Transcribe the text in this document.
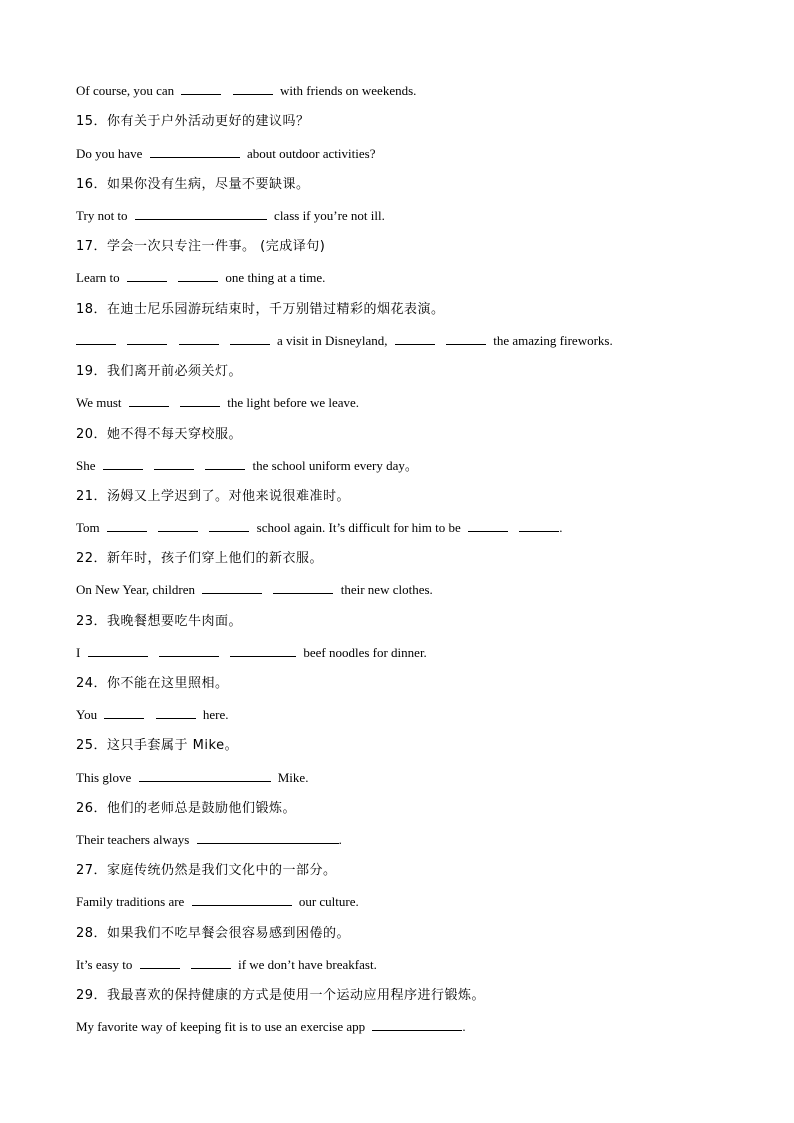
Of course, you can	with friends on weekends.
15．你有关于户外活动更好的建议吗？
Do you have	about outdoor activities?
16．如果你没有生病，尽量不要缺课。
Try not to	class if you’re not ill.
17．学会一次只专注一件事。 (完成译句)
Learn to	one thing at a time.
18．在迪士尼乐园游玩结束时，千万别错过精彩的烟花表演。
a visit in Disneyland,	the amazing fireworks.
19．我们离开前必须关灯。
We must	the light before we leave.
20．她不得不每天穿校服。
She	the school uniform every day。
21．汤姆又上学迟到了。对他来说很难准时。
Tom	school again. It’s difficult for him to be	.
22．新年时，孩子们穿上他们的新衣服。
On New Year, children	their new clothes.
23．我晚餐想要吃牛肉面。
I	beef noodles for dinner.
24．你不能在这里照相。
You	here.
25．这只手套属于 Mike。
This glove	Mike.
26．他们的老师总是鼓励他们锻炼。
Their teachers always	.
27．家庭传统仍然是我们文化中的一部分。
Family traditions are	our culture.
28．如果我们不吃早餐会很容易感到困倦的。
It’s easy to	if we don’t have breakfast.
29．我最喜欢的保持健康的方式是使用一个运动应用程序进行锻炼。
My favorite way of keeping fit is to use an exercise app	.
